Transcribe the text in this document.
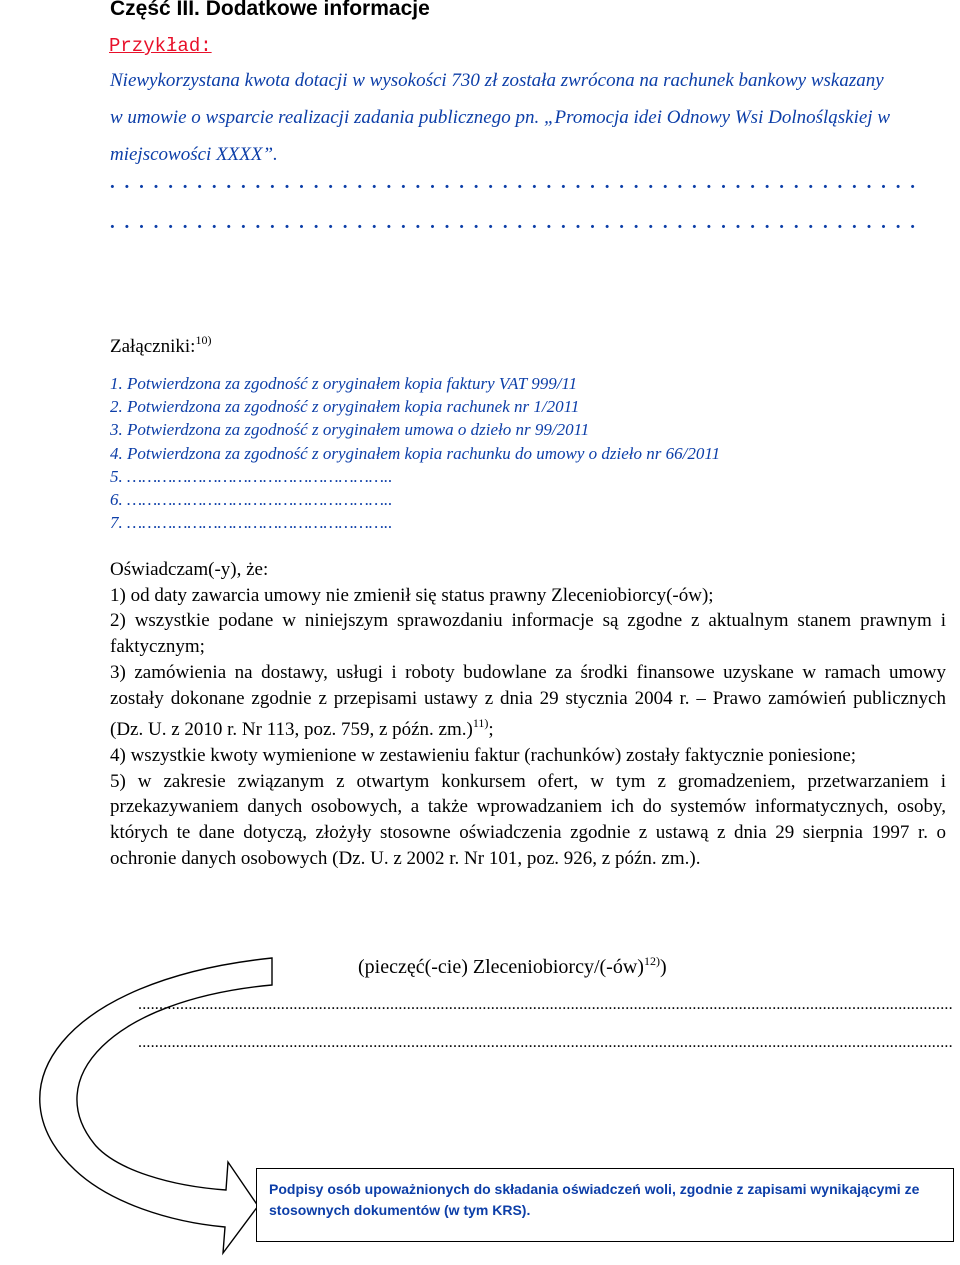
Część III. Dodatkowe informacje
Przykład:
Niewykorzystana kwota dotacji w wysokości 730 zł została zwrócona na rachunek bankowy wskazany
w umowie o wsparcie realizacji zadania publicznego pn. „Promocja idei Odnowy Wsi Dolnośląskiej w
miejscowości XXXX”.
........................................................
........................................................
Załączniki:$^{10)}$
1. Potwierdzona za zgodność z oryginałem kopia faktury VAT 999/11
2. Potwierdzona za zgodność z oryginałem kopia rachunek nr 1/2011
3. Potwierdzona za zgodność z oryginałem umowa o dzieło nr 99/2011
4. Potwierdzona za zgodność z oryginałem kopia rachunku do umowy o dzieło nr 66/2011
5. ……………………………………………..
6. ……………………………………………..
7. ……………………………………………..

Oświadczam(-y), że:

1) od daty zawarcia umowy nie zmienił się status prawny Zleceniobiorcy(-ów);

2) wszystkie podane w niniejszym sprawozdaniu informacje są zgodne z aktualnym stanem prawnym i faktycznym;

3) zamówienia na dostawy, usługi i roboty budowlane za środki finansowe uzyskane w ramach umowy zostały dokonane zgodnie z przepisami ustawy z dnia 29 stycznia 2004 r. – Prawo zamówień publicznych (Dz. U. z 2010 r. Nr 113, poz. 759, z późn. zm.)$^{11)}$;

4) wszystkie kwoty wymienione w zestawieniu faktur (rachunków) zostały faktycznie poniesione;

5) w zakresie związanym z otwartym konkursem ofert, w tym z gromadzeniem, przetwarzaniem i przekazywaniem danych osobowych, a także wprowadzaniem ich do systemów informatycznych, osoby, których te dane dotyczą, złożyły stosowne oświadczenia zgodnie z ustawą z dnia 29 sierpnia 1997 r. o ochronie danych osobowych (Dz. U. z 2002 r. Nr 101, poz. 926, z późn. zm.).

(pieczęć(-cie) Zleceniobiorcy/(-ów)$^{12)}$)
..................................................................................................................................................................................................
..................................................................................................................................................................................................
Podpisy osób upoważnionych do składania oświadczeń woli, zgodnie z zapisami wynikającymi ze stosownych dokumentów (w tym KRS).
